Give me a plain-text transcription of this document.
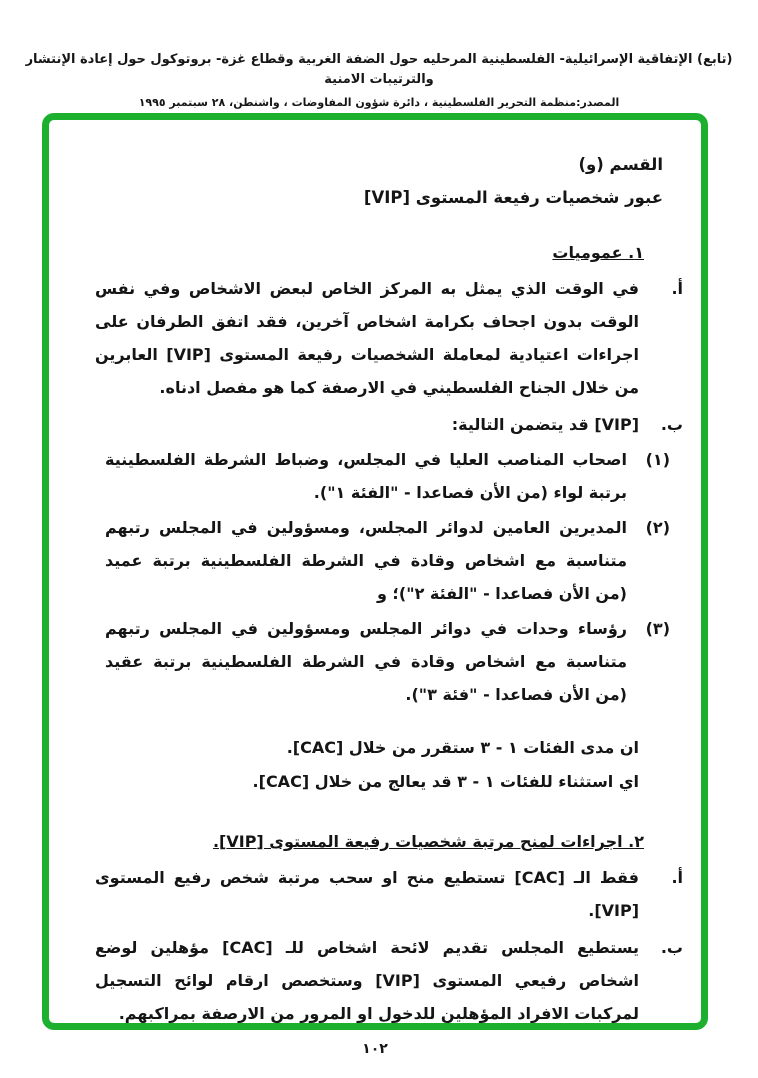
(تابع) الإتفاقية الإسرائيلية- الفلسطينية المرحليه حول الضفة الغربية وقطاع غزة- بروتوكول حول إعادة الإنتشار والترتيبات الامنية
المصدر:منظمة التحرير الفلسطينية ، دائرة شؤون المفاوضات ، واشنطن، ٢٨ سبتمبر ١٩٩٥
القسم (و)
عبور شخصيات رفيعة المستوى [VIP]
١. عموميات
أ.
في الوقت الذي يمثل به المركز الخاص لبعض الاشخاص وفي نفس الوقت بدون اجحاف بكرامة اشخاص آخرين، فقد اتفق الطرفان على اجراءات اعتيادية لمعاملة الشخصيات رفيعة المستوى [VIP] العابرين من خلال الجناح الفلسطيني في الارصفة كما هو مفصل ادناه.
ب.
[VIP] قد يتضمن التالية:
(١)
اصحاب المناصب العليا في المجلس، وضباط الشرطة الفلسطينية برتبة لواء (من الأن فصاعدا - "الفئة ١").
(٢)
المديرين العامين لدوائر المجلس، ومسؤولين في المجلس رتبهم متناسبة مع اشخاص وقادة في الشرطة الفلسطينية برتبة عميد (من الأن فصاعدا - "الفئة ٢")؛ و
(٣)
رؤساء وحدات في دوائر المجلس ومسؤولين في المجلس رتبهم متناسبة مع اشخاص وقادة في الشرطة الفلسطينية برتبة عقيد (من الأن فصاعدا - "فئة ٣").
ان مدى الفئات ١ - ٣ ستقرر من خلال [CAC].
اي استثناء للفئات ١ - ٣ قد يعالج من خلال [CAC].
٢. اجراءات لمنح مرتبة شخصيات رفيعة المستوى [VIP].
أ.
فقط الـ [CAC] تستطيع منح او سحب مرتبة شخص رفيع المستوى [VIP].
ب.
يستطيع المجلس تقديم لائحة اشخاص للـ [CAC] مؤهلين لوضع اشخاص رفيعي المستوى [VIP] وستخصص ارقام لوائح التسجيل لمركبات الافراد المؤهلين للدخول او المرور من الارصفة بمراكبهم.
١٠٢
